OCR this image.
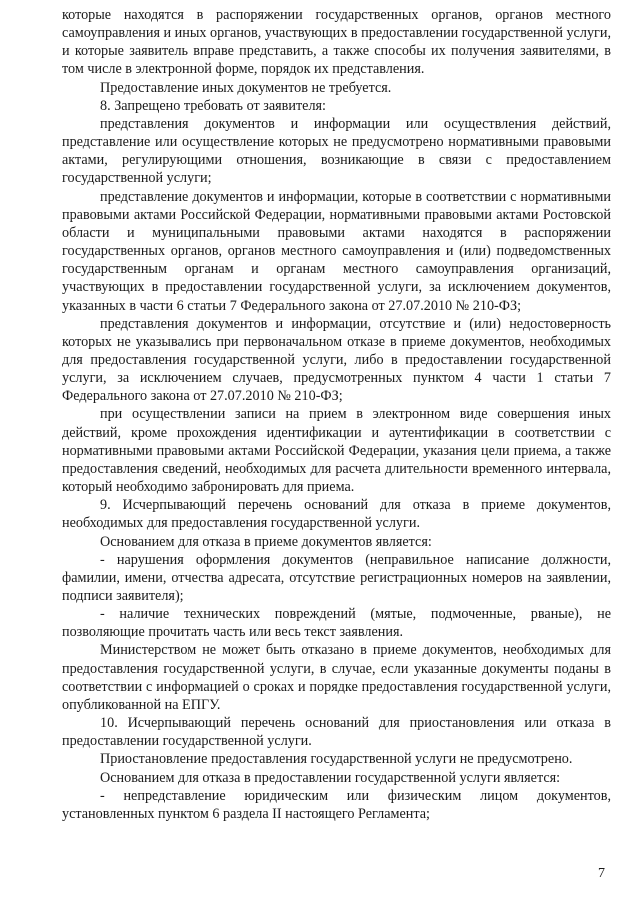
которые находятся в распоряжении государственных органов, органов местного самоуправления и иных органов, участвующих в предоставлении государственной услуги, и которые заявитель вправе представить, а также способы их получения заявителями, в том числе в электронной форме, порядок их представления.

Предоставление иных документов не требуется.

8. Запрещено требовать от заявителя:

представления документов и информации или осуществления действий, представление или осуществление которых не предусмотрено нормативными правовыми актами, регулирующими отношения, возникающие в связи с предоставлением государственной услуги;

представление документов и информации, которые в соответствии с нормативными правовыми актами Российской Федерации, нормативными правовыми актами Ростовской области и муниципальными правовыми актами находятся в распоряжении государственных органов, органов местного самоуправления и (или) подведомственных государственным органам и органам местного самоуправления организаций, участвующих в предоставлении государственной услуги, за исключением документов, указанных в части 6 статьи 7 Федерального закона от 27.07.2010 № 210-ФЗ;

представления документов и информации, отсутствие и (или) недостоверность которых не указывались при первоначальном отказе в приеме документов, необходимых для предоставления государственной услуги, либо в предоставлении государственной услуги, за исключением случаев, предусмотренных пунктом 4 части 1 статьи 7 Федерального закона от 27.07.2010 № 210-ФЗ;

при осуществлении записи на прием в электронном виде совершения иных действий, кроме прохождения идентификации и аутентификации в соответствии с нормативными правовыми актами Российской Федерации, указания цели приема, а также предоставления сведений, необходимых для расчета длительности временного интервала, который необходимо забронировать для приема.

9. Исчерпывающий перечень оснований для отказа в приеме документов, необходимых для предоставления государственной услуги.

Основанием для отказа в приеме документов является:

- нарушения оформления документов (неправильное написание должности, фамилии, имени, отчества адресата, отсутствие регистрационных номеров на заявлении, подписи заявителя);

- наличие технических повреждений (мятые, подмоченные, рваные), не позволяющие прочитать часть или весь текст заявления.

Министерством не может быть отказано в приеме документов, необходимых для предоставления государственной услуги, в случае, если указанные документы поданы в соответствии с информацией о сроках и порядке предоставления государственной услуги, опубликованной на ЕПГУ.

10. Исчерпывающий перечень оснований для приостановления или отказа в предоставлении государственной услуги.

Приостановление предоставления государственной услуги не предусмотрено.

Основанием для отказа в предоставлении государственной услуги является:

- непредставление юридическим или физическим лицом документов, установленных пунктом 6 раздела II настоящего Регламента;

7
